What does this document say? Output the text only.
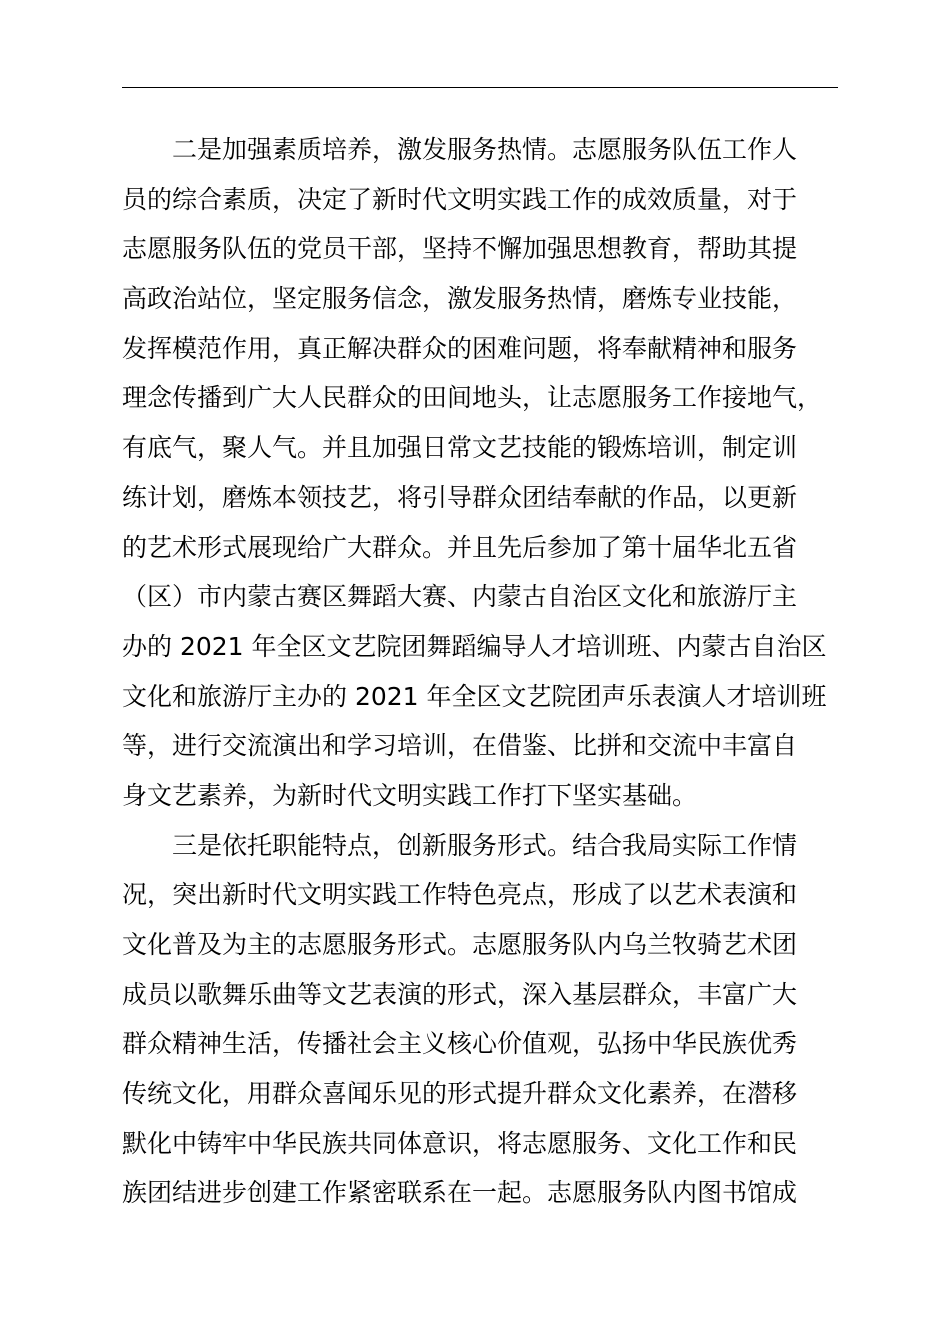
二是加强素质培养，激发服务热情。志愿服务队伍工作人
员的综合素质，决定了新时代文明实践工作的成效质量，对于
志愿服务队伍的党员干部，坚持不懈加强思想教育，帮助其提
高政治站位，坚定服务信念，激发服务热情，磨炼专业技能，
发挥模范作用，真正解决群众的困难问题，将奉献精神和服务
理念传播到广大人民群众的田间地头，让志愿服务工作接地气，
有底气，聚人气。并且加强日常文艺技能的锻炼培训，制定训
练计划，磨炼本领技艺，将引导群众团结奉献的作品，以更新
的艺术形式展现给广大群众。并且先后参加了第十届华北五省
（区）市内蒙古赛区舞蹈大赛、内蒙古自治区文化和旅游厅主
办的 2021 年全区文艺院团舞蹈编导人才培训班、内蒙古自治区
文化和旅游厅主办的 2021 年全区文艺院团声乐表演人才培训班
等，进行交流演出和学习培训，在借鉴、比拼和交流中丰富自
身文艺素养，为新时代文明实践工作打下坚实基础。
三是依托职能特点，创新服务形式。结合我局实际工作情
况，突出新时代文明实践工作特色亮点，形成了以艺术表演和
文化普及为主的志愿服务形式。志愿服务队内乌兰牧骑艺术团
成员以歌舞乐曲等文艺表演的形式，深入基层群众，丰富广大
群众精神生活，传播社会主义核心价值观，弘扬中华民族优秀
传统文化，用群众喜闻乐见的形式提升群众文化素养，在潜移
默化中铸牢中华民族共同体意识，将志愿服务、文化工作和民
族团结进步创建工作紧密联系在一起。志愿服务队内图书馆成
